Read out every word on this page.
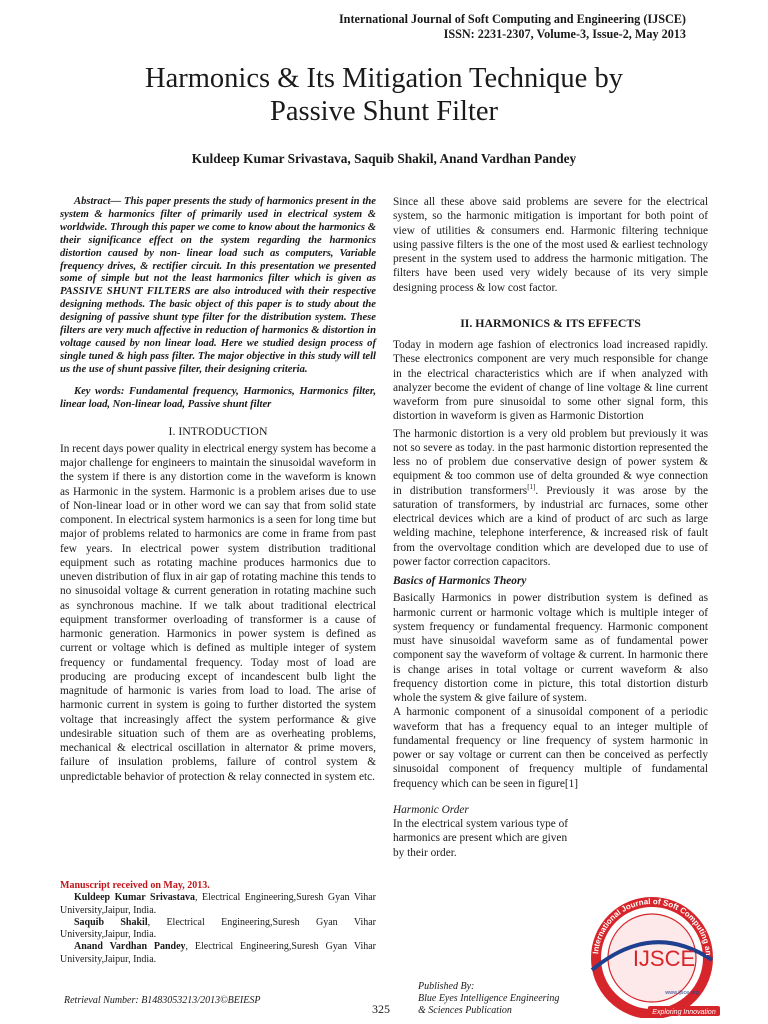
International Journal of Soft Computing and Engineering (IJSCE)
ISSN: 2231-2307, Volume-3, Issue-2, May 2013
Harmonics & Its Mitigation Technique by
Passive Shunt Filter
Kuldeep Kumar Srivastava, Saquib Shakil, Anand Vardhan Pandey

Abstract— This paper presents the study of harmonics present in the system & harmonics filter of primarily used in electrical system & worldwide. Through this paper we come to know about the harmonics & their significance effect on the system regarding the harmonics distortion caused by non- linear load such as computers, Variable frequency drives, & rectifier circuit. In this presentation we presented some of simple but not the least harmonics filter which is given as PASSIVE SHUNT FILTERS are also introduced with their respective designing methods. The basic object of this paper is to study about the designing of passive shunt type filter for the distribution system. These filters are very much affective in reduction of harmonics & distortion in voltage caused by non linear load. Here we studied design process of single tuned & high pass filter. The major objective in this study will tell us the use of shunt passive filter, their designing criteria.

Key words: Fundamental frequency, Harmonics, Harmonics filter, linear load, Non-linear load, Passive shunt filter

I. INTRODUCTION

In recent days power quality in electrical energy system has become a major challenge for engineers to maintain the sinusoidal waveform in the system if there is any distortion come in the waveform is known as Harmonic in the system. Harmonic is a problem arises due to use of Non-linear load or in other word we can say that from solid state component. In electrical system harmonics is a seen for long time but major of problems related to harmonics are come in frame from past few years. In electrical power system distribution traditional equipment such as rotating machine produces harmonics due to uneven distribution of flux in air gap of rotating machine this tends to no sinusoidal voltage & current generation in rotating machine such as synchronous machine. If we talk about traditional electrical equipment transformer overloading of transformer is a cause of harmonic generation. Harmonics in power system is defined as current or voltage which is defined as multiple integer of system frequency or fundamental frequency. Today most of load are producing are producing except of incandescent bulb light the magnitude of harmonic is varies from load to load. The arise of harmonic current in system is going to further distorted the system voltage that increasingly affect the system performance & give undesirable situation such of them are as overheating problems, mechanical & electrical oscillation in alternator & prime movers, failure of insulation problems, failure of control system & unpredictable behavior of protection & relay connected in system etc.

Manuscript received on May, 2013.

Kuldeep Kumar Srivastava, Electrical Engineering,Suresh Gyan Vihar University,Jaipur, India.

Saquib Shakil, Electrical Engineering,Suresh Gyan Vihar University,Jaipur, India.

Anand Vardhan Pandey, Electrical Engineering,Suresh Gyan Vihar University,Jaipur, India.

Since all these above said problems are severe for the electrical system, so the harmonic mitigation is important for both point of view of utilities & consumers end. Harmonic filtering technique using passive filters is the one of the most used & earliest technology present in the system used to address the harmonic mitigation. The filters have been used very widely because of its very simple designing process & low cost factor.

II. HARMONICS & ITS EFFECTS

Today in modern age fashion of electronics load increased rapidly. These electronics component are very much responsible for change in the electrical characteristics which are if when analyzed with analyzer become the evident of change of line voltage & line current waveform from pure sinusoidal to some other signal form, this distortion in waveform is given as Harmonic Distortion

The harmonic distortion is a very old problem but previously it was not so severe as today. in the past harmonic distortion represented the less no of problem due conservative design of power system & equipment & too common use of delta grounded & wye connection in distribution transformers[1]. Previously it was arose by the saturation of transformers, by industrial arc furnaces, some other electrical devices which are a kind of product of arc such as large welding machine, telephone interference, & increased risk of fault from the overvoltage condition which are developed due to use of power factor correction capacitors.

Basics of Harmonics Theory

Basically Harmonics in power distribution system is defined as harmonic current or harmonic voltage which is multiple integer of system frequency or fundamental frequency. Harmonic component must have sinusoidal waveform same as of fundamental power component say the waveform of voltage & current. In harmonic there is change arises in total voltage or current waveform & also frequency distortion come in picture, this total distortion disturb whole the system & give failure of system.

A harmonic component of a sinusoidal component of a periodic waveform that has a frequency equal to an integer multiple of fundamental frequency or line frequency of system harmonic in power or say voltage or current can then be conceived as perfectly sinusoidal component of frequency multiple of fundamental frequency which can be seen in figure[1]

Harmonic Order

In the electrical system various type of harmonics are present which are given by their order.

International Journal of Soft Computing an
IJSCE
www.ijsce.org
Exploring Innovation
Retrieval Number: B1483053213/2013©BEIESP
325
Published By:
Blue Eyes Intelligence Engineering
& Sciences Publication
